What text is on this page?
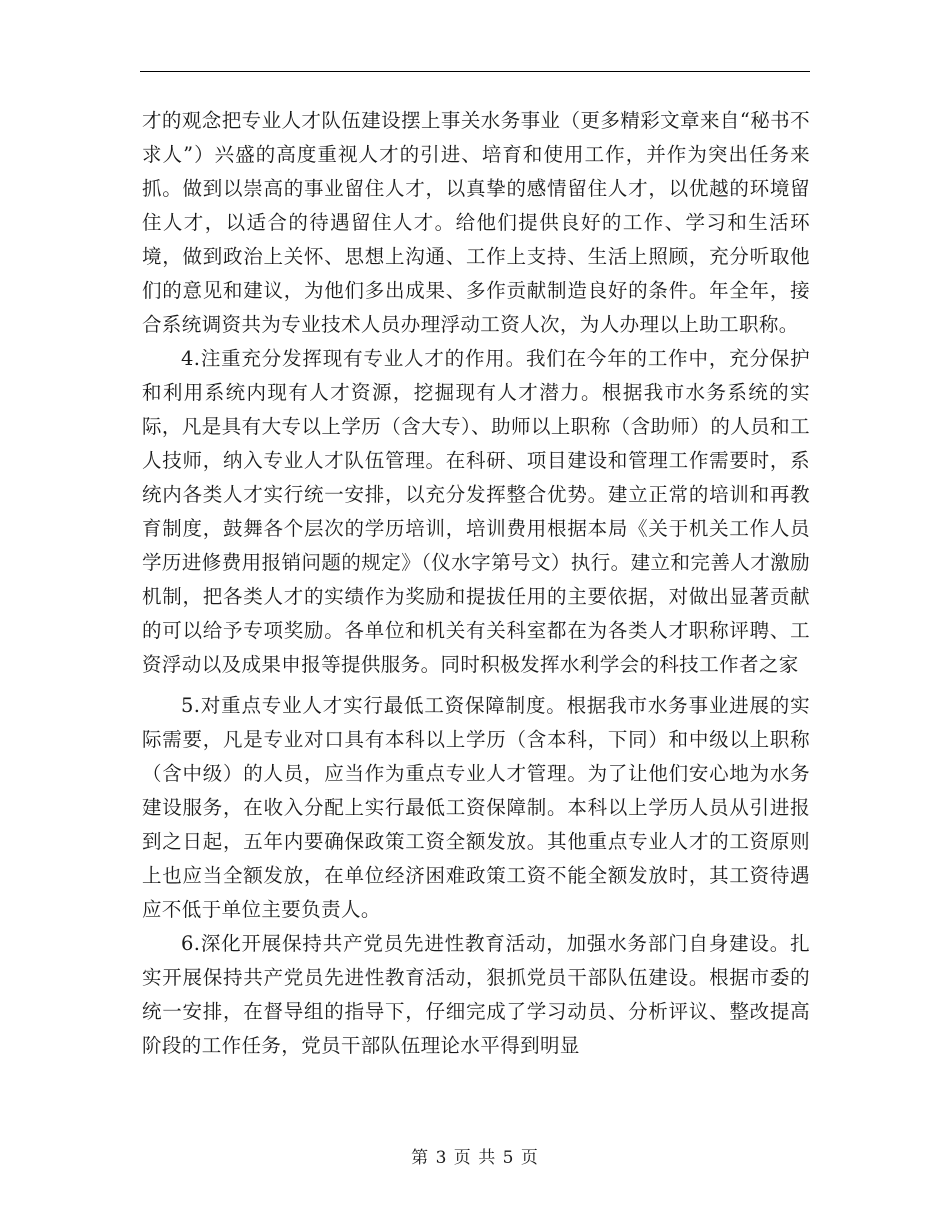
才的观念把专业人才队伍建设摆上事关水务事业（更多精彩文章来自“秘书不求人”）兴盛的高度重视人才的引进、培育和使用工作，并作为突出任务来抓。做到以崇高的事业留住人才，以真挚的感情留住人才，以优越的环境留住人才，以适合的待遇留住人才。给他们提供良好的工作、学习和生活环境，做到政治上关怀、思想上沟通、工作上支持、生活上照顾，充分听取他们的意见和建议，为他们多出成果、多作贡献制造良好的条件。年全年，接合系统调资共为专业技术人员办理浮动工资人次，为人办理以上助工职称。

4.注重充分发挥现有专业人才的作用。我们在今年的工作中，充分保护和利用系统内现有人才资源，挖掘现有人才潜力。根据我市水务系统的实际，凡是具有大专以上学历（含大专）、助师以上职称（含助师）的人员和工人技师，纳入专业人才队伍管理。在科研、项目建设和管理工作需要时，系统内各类人才实行统一安排，以充分发挥整合优势。建立正常的培训和再教育制度，鼓舞各个层次的学历培训，培训费用根据本局《关于机关工作人员学历进修费用报销问题的规定》（仪水字第号文）执行。建立和完善人才激励机制，把各类人才的实绩作为奖励和提拔任用的主要依据，对做出显著贡献的可以给予专项奖励。各单位和机关有关科室都在为各类人才职称评聘、工资浮动以及成果申报等提供服务。同时积极发挥水利学会的科技工作者之家

5.对重点专业人才实行最低工资保障制度。根据我市水务事业进展的实际需要，凡是专业对口具有本科以上学历（含本科，下同）和中级以上职称（含中级）的人员，应当作为重点专业人才管理。为了让他们安心地为水务建设服务，在收入分配上实行最低工资保障制。本科以上学历人员从引进报到之日起，五年内要确保政策工资全额发放。其他重点专业人才的工资原则上也应当全额发放，在单位经济困难政策工资不能全额发放时，其工资待遇应不低于单位主要负责人。

6.深化开展保持共产党员先进性教育活动，加强水务部门自身建设。扎实开展保持共产党员先进性教育活动，狠抓党员干部队伍建设。根据市委的统一安排，在督导组的指导下，仔细完成了学习动员、分析评议、整改提高阶段的工作任务，党员干部队伍理论水平得到明显

第 3 页 共 5 页
